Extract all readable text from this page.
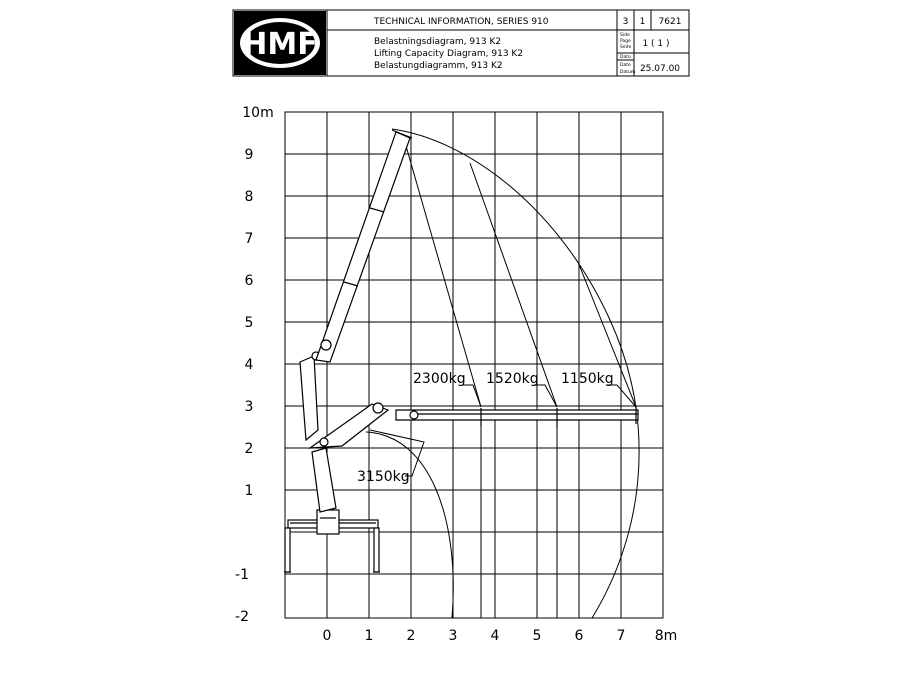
HMF
TECHNICAL INFORMATION, SERIES 910	3 1 7621
Belastningsdiagram, 913 K2
Lifting Capacity Diagram, 913 K2
Belastungdiagramm, 913 K2
Side
Page
Seite 1 ( 1 )
Dato
Date
Datum 25.07.00
10m
9
8
7
6
5
4
3
2
1
-1
-2
0 1 2 3 4 5 6 7 8m
2300kg 1520kg 1150kg
3150kg
